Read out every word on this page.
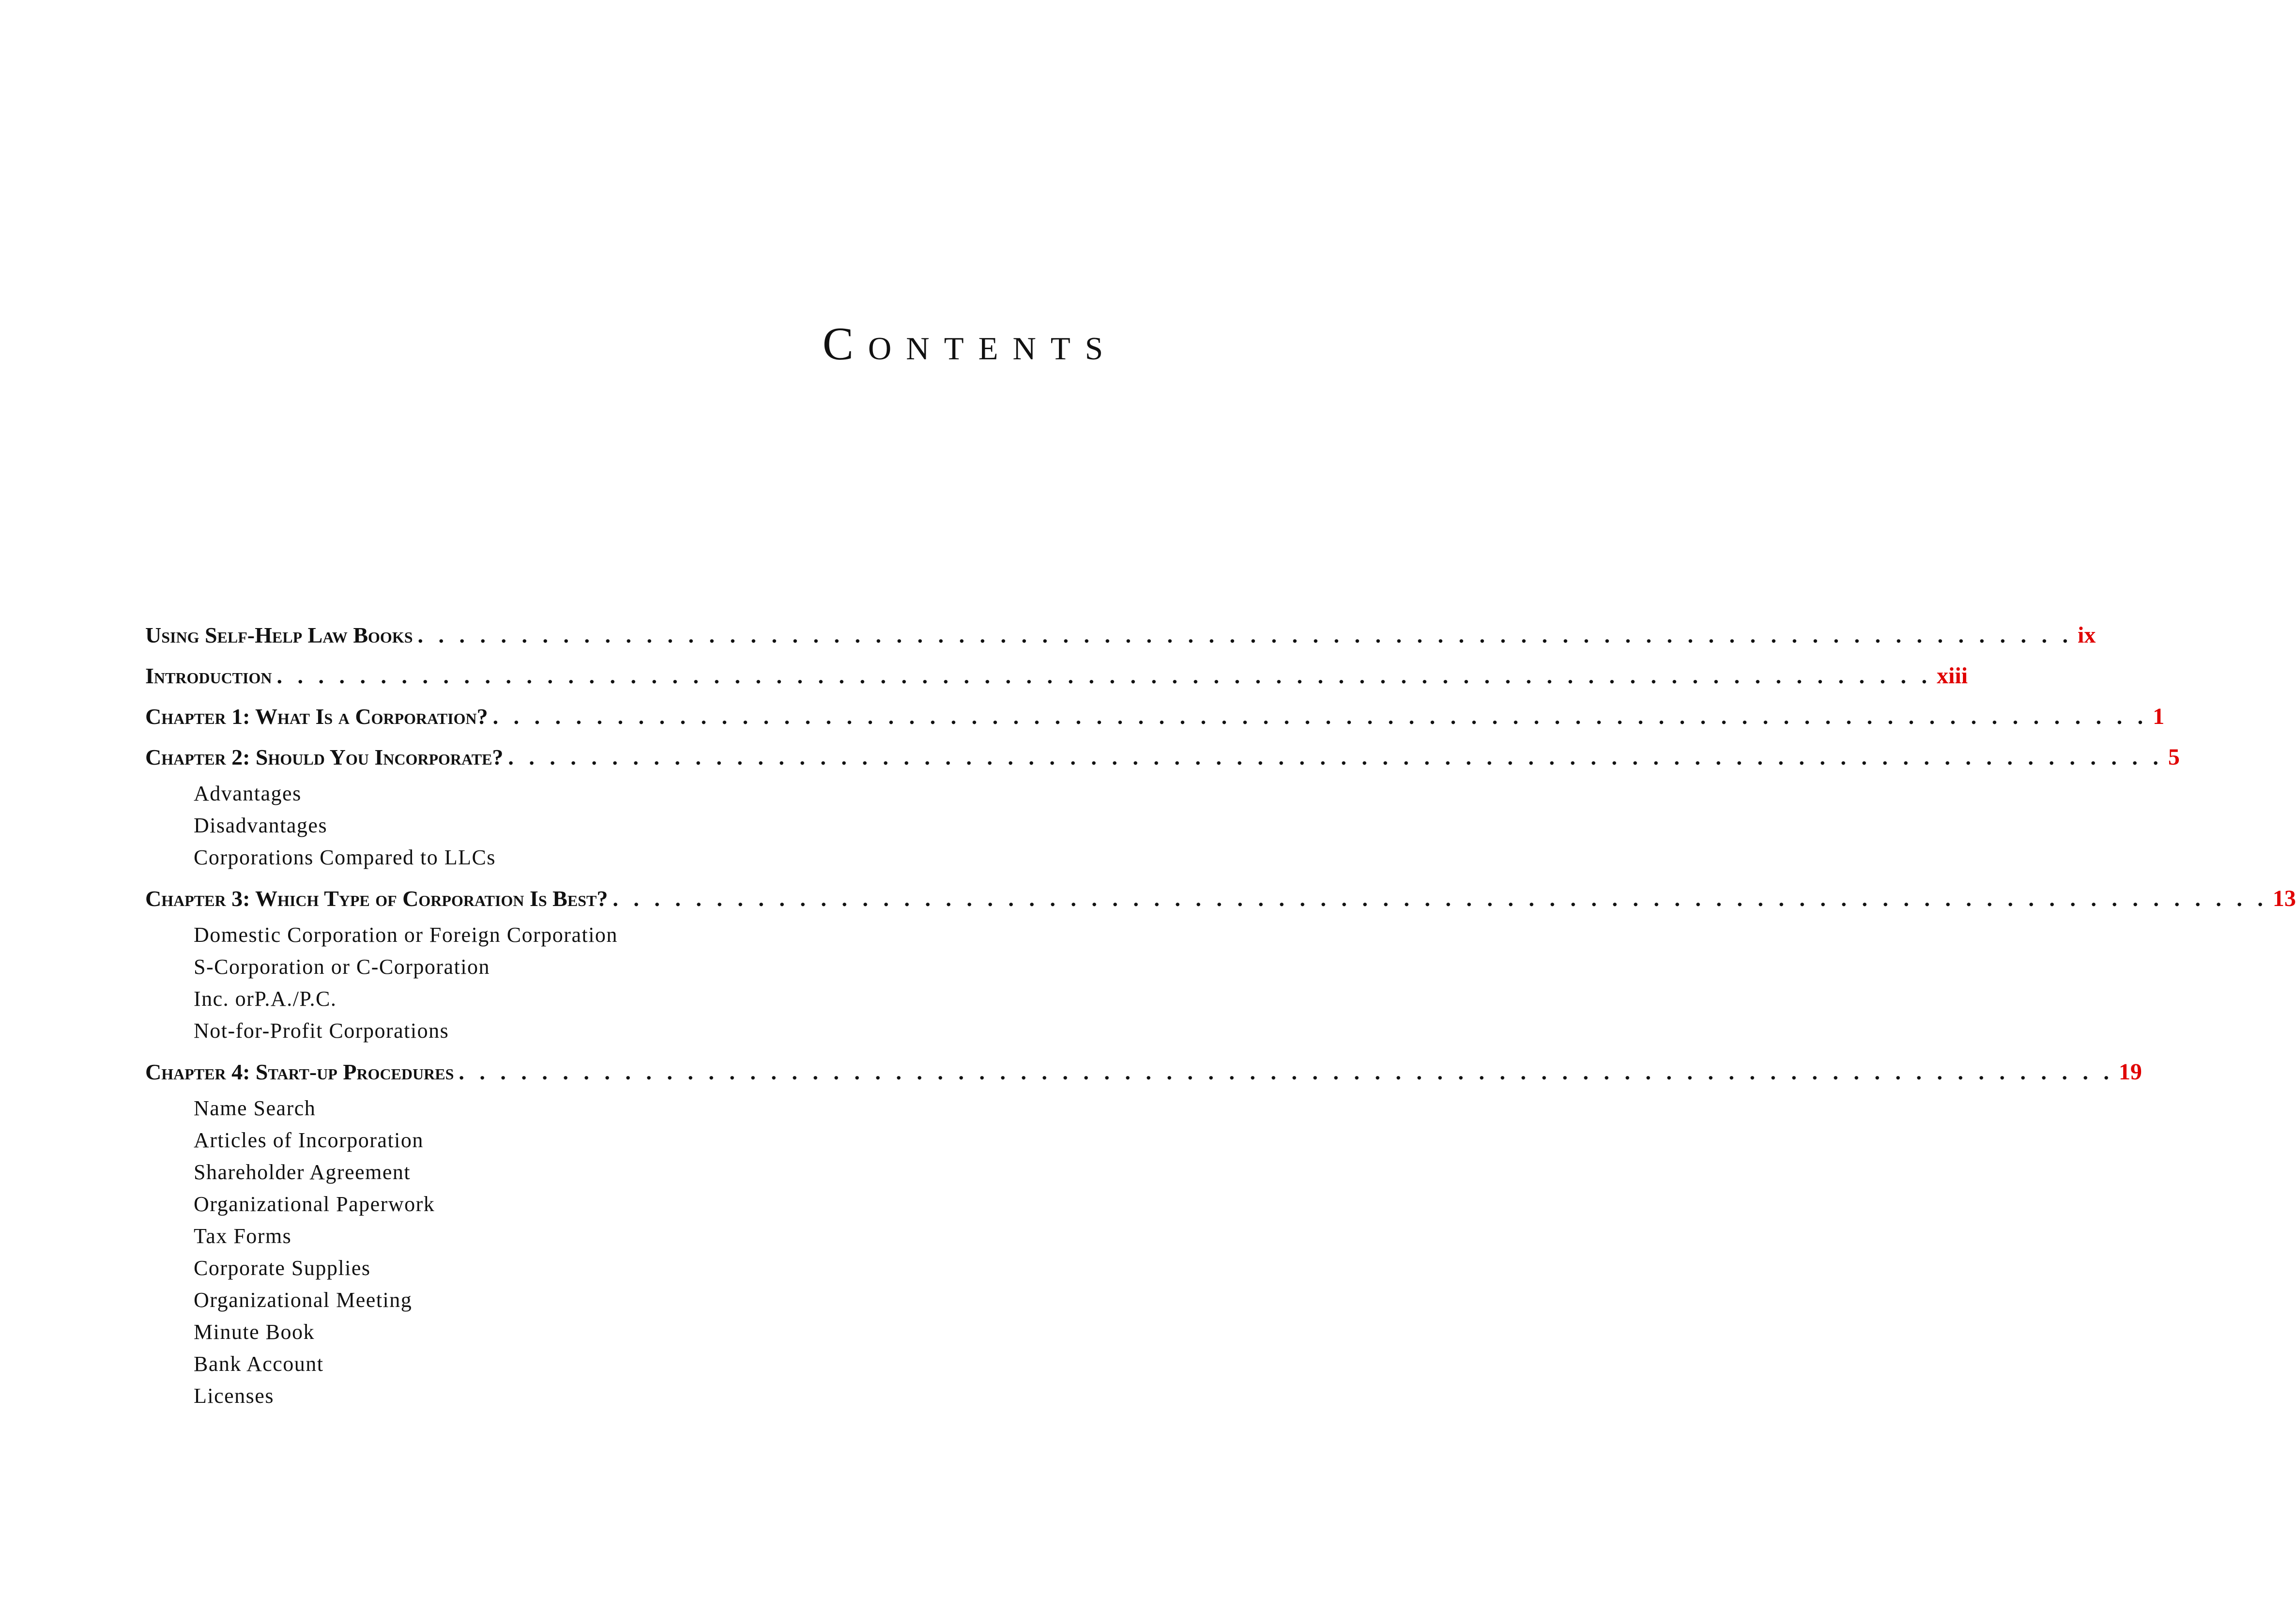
Contents
Using Self-Help Law Books . . . . . . . . . . . . . . . . . . . . . . . . . . . . . . . . . . . . . . . . . . . . . . . . . . . . . . . . . . . . . . . . . . . . . . . . . . . . . . . . ix
Introduction . . . . . . . . . . . . . . . . . . . . . . . . . . . . . . . . . . . . . . . . . . . . . . . . . . . . . . . . . . . . . . . . . . . . . . . . . . . . . . . . xiii
Chapter 1: What Is a Corporation? . . . . . . . . . . . . . . . . . . . . . . . . . . . . . . . . . . . . . . . . . . . . . . . . . . . . . . . . . . . . . . . . . . . . . . . . . . . . . . . . 1
Chapter 2: Should You Incorporate? . . . . . . . . . . . . . . . . . . . . . . . . . . . . . . . . . . . . . . . . . . . . . . . . . . . . . . . . . . . . . . . . . . . . . . . . . . . . . . . . 5
Advantages
Disadvantages
Corporations Compared to LLCs
Chapter 3: Which Type of Corporation Is Best? . . . . . . . . . . . . . . . . . . . . . . . . . . . . . . . . . . . . . . . . . . . . . . . . . . . . . . . . . . . . . . . . . . . . . . . . . . . . . . . . 13
Domestic Corporation or Foreign Corporation
S-Corporation or C-Corporation
Inc. orP.A./P.C.
Not-for-Profit Corporations
Chapter 4: Start-up Procedures . . . . . . . . . . . . . . . . . . . . . . . . . . . . . . . . . . . . . . . . . . . . . . . . . . . . . . . . . . . . . . . . . . . . . . . . . . . . . . . . 19
Name Search
Articles of Incorporation
Shareholder Agreement
Organizational Paperwork
Tax Forms
Corporate Supplies
Organizational Meeting
Minute Book
Bank Account
Licenses
